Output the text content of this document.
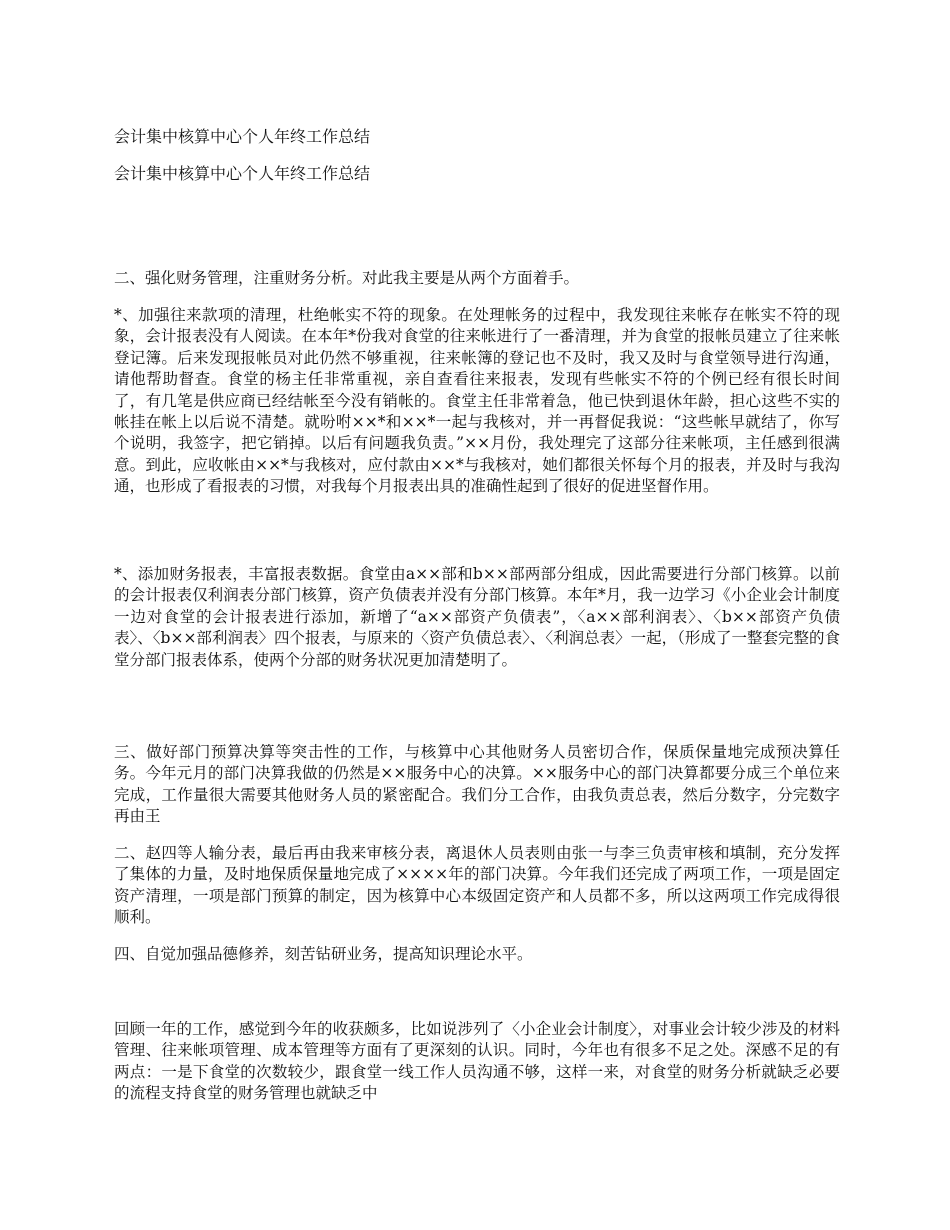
会计集中核算中心个人年终工作总结
会计集中核算中心个人年终工作总结
二、强化财务管理，注重财务分析。对此我主要是从两个方面着手。
*、加强往来款项的清理，杜绝帐实不符的现象。在处理帐务的过程中，我发现往来帐存在帐实不符的现象，会计报表没有人阅读。在本年*份我对食堂的往来帐进行了一番清理，并为食堂的报帐员建立了往来帐登记簿。后来发现报帐员对此仍然不够重视，往来帐簿的登记也不及时，我又及时与食堂领导进行沟通，请他帮助督查。食堂的杨主任非常重视，亲自查看往来报表，发现有些帐实不符的个例已经有很长时间了，有几笔是供应商已经结帐至今没有销帐的。食堂主任非常着急，他已快到退休年龄，担心这些不实的帐挂在帐上以后说不清楚。就吩咐××*和××*一起与我核对，并一再督促我说：“这些帐早就结了，你写个说明，我签字，把它销掉。以后有问题我负责。”××月份，我处理完了这部分往来帐项，主任感到很满意。到此，应收帐由××*与我核对，应付款由××*与我核对，她们都很关怀每个月的报表，并及时与我沟通，也形成了看报表的习惯，对我每个月报表出具的准确性起到了很好的促进坚督作用。
*、添加财务报表，丰富报表数据。食堂由a××部和b××部两部分组成，因此需要进行分部门核算。以前的会计报表仅利润表分部门核算，资产负债表并没有分部门核算。本年*月，我一边学习《小企业会计制度一边对食堂的会计报表进行添加，新增了“a××部资产负债表”，〈a××部利润表〉、〈b××部资产负债表〉、〈b××部利润表〉四个报表，与原来的〈资产负债总表〉、〈利润总表〉一起，（形成了一整套完整的食堂分部门报表体系，使两个分部的财务状况更加清楚明了。
三、做好部门预算决算等突击性的工作，与核算中心其他财务人员密切合作，保质保量地完成预决算任务。今年元月的部门决算我做的仍然是××服务中心的决算。××服务中心的部门决算都要分成三个单位来完成，工作量很大需要其他财务人员的紧密配合。我们分工合作，由我负责总表，然后分数字，分完数字再由王
二、赵四等人输分表，最后再由我来审核分表，离退休人员表则由张一与李三负责审核和填制，充分发挥了集体的力量，及时地保质保量地完成了××××年的部门决算。今年我们还完成了两项工作，一项是固定资产清理，一项是部门预算的制定，因为核算中心本级固定资产和人员都不多，所以这两项工作完成得很顺利。
四、自觉加强品德修养，刻苦钻研业务，提高知识理论水平。
回顾一年的工作，感觉到今年的收获颇多，比如说涉列了〈小企业会计制度〉，对事业会计较少涉及的材料管理、往来帐项管理、成本管理等方面有了更深刻的认识。同时，今年也有很多不足之处。深感不足的有两点：一是下食堂的次数较少，跟食堂一线工作人员沟通不够，这样一来，对食堂的财务分析就缺乏必要的流程支持食堂的财务管理也就缺乏中
